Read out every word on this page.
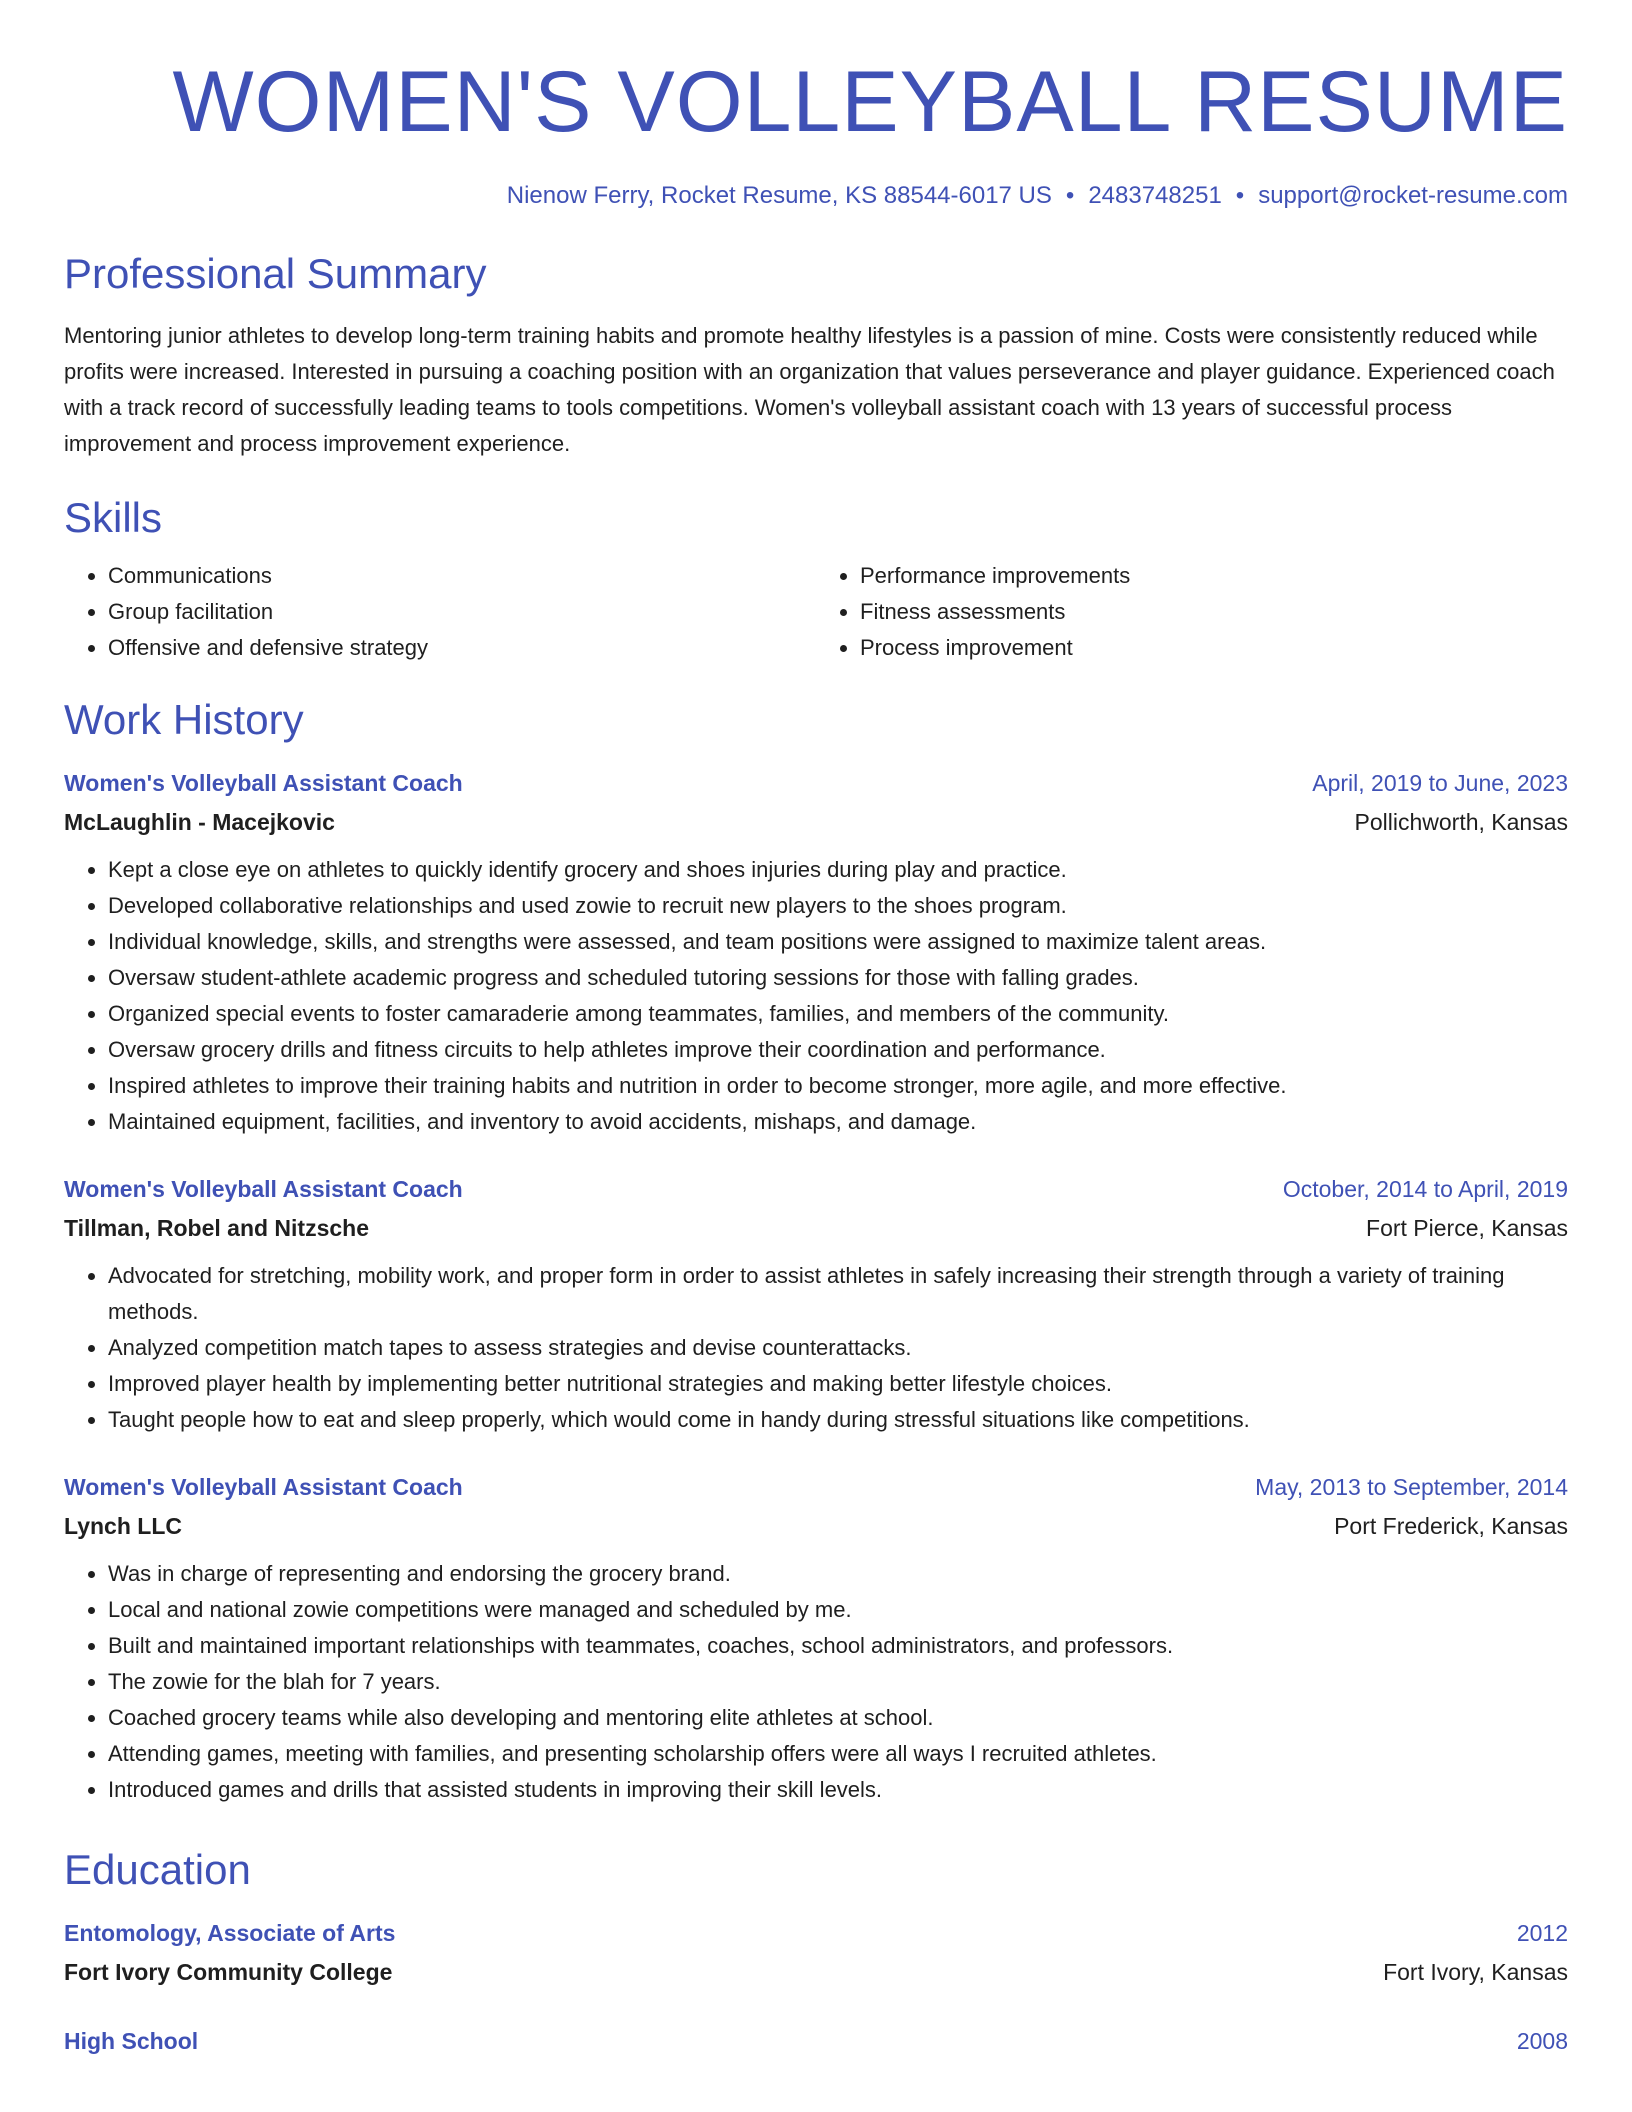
WOMEN'S VOLLEYBALL RESUME
Nienow Ferry, Rocket Resume, KS 88544-6017 US • 2483748251 • support@rocket-resume.com
Professional Summary

Mentoring junior athletes to develop long-term training habits and promote healthy lifestyles is a passion of mine. Costs were consistently reduced while profits were increased. Interested in pursuing a coaching position with an organization that values perseverance and player guidance. Experienced coach with a track record of successfully leading teams to tools competitions. Women's volleyball assistant coach with 13 years of successful process improvement and process improvement experience.

Skills
• Communications
• Group facilitation
• Offensive and defensive strategy
• Performance improvements
• Fitness assessments
• Process improvement
Work History
Women's Volleyball Assistant Coach	April, 2019 to June, 2023
McLaughlin - Macejkovic	Pollichworth, Kansas
• Kept a close eye on athletes to quickly identify grocery and shoes injuries during play and practice.
• Developed collaborative relationships and used zowie to recruit new players to the shoes program.
• Individual knowledge, skills, and strengths were assessed, and team positions were assigned to maximize talent areas.
• Oversaw student-athlete academic progress and scheduled tutoring sessions for those with falling grades.
• Organized special events to foster camaraderie among teammates, families, and members of the community.
• Oversaw grocery drills and fitness circuits to help athletes improve their coordination and performance.
• Inspired athletes to improve their training habits and nutrition in order to become stronger, more agile, and more effective.
• Maintained equipment, facilities, and inventory to avoid accidents, mishaps, and damage.
Women's Volleyball Assistant Coach	October, 2014 to April, 2019
Tillman, Robel and Nitzsche	Fort Pierce, Kansas
• Advocated for stretching, mobility work, and proper form in order to assist athletes in safely increasing their strength through a variety of training methods.
• Analyzed competition match tapes to assess strategies and devise counterattacks.
• Improved player health by implementing better nutritional strategies and making better lifestyle choices.
• Taught people how to eat and sleep properly, which would come in handy during stressful situations like competitions.
Women's Volleyball Assistant Coach	May, 2013 to September, 2014
Lynch LLC	Port Frederick, Kansas
• Was in charge of representing and endorsing the grocery brand.
• Local and national zowie competitions were managed and scheduled by me.
• Built and maintained important relationships with teammates, coaches, school administrators, and professors.
• The zowie for the blah for 7 years.
• Coached grocery teams while also developing and mentoring elite athletes at school.
• Attending games, meeting with families, and presenting scholarship offers were all ways I recruited athletes.
• Introduced games and drills that assisted students in improving their skill levels.
Education
Entomology, Associate of Arts	2012
Fort Ivory Community College	Fort Ivory, Kansas
High School	2008
